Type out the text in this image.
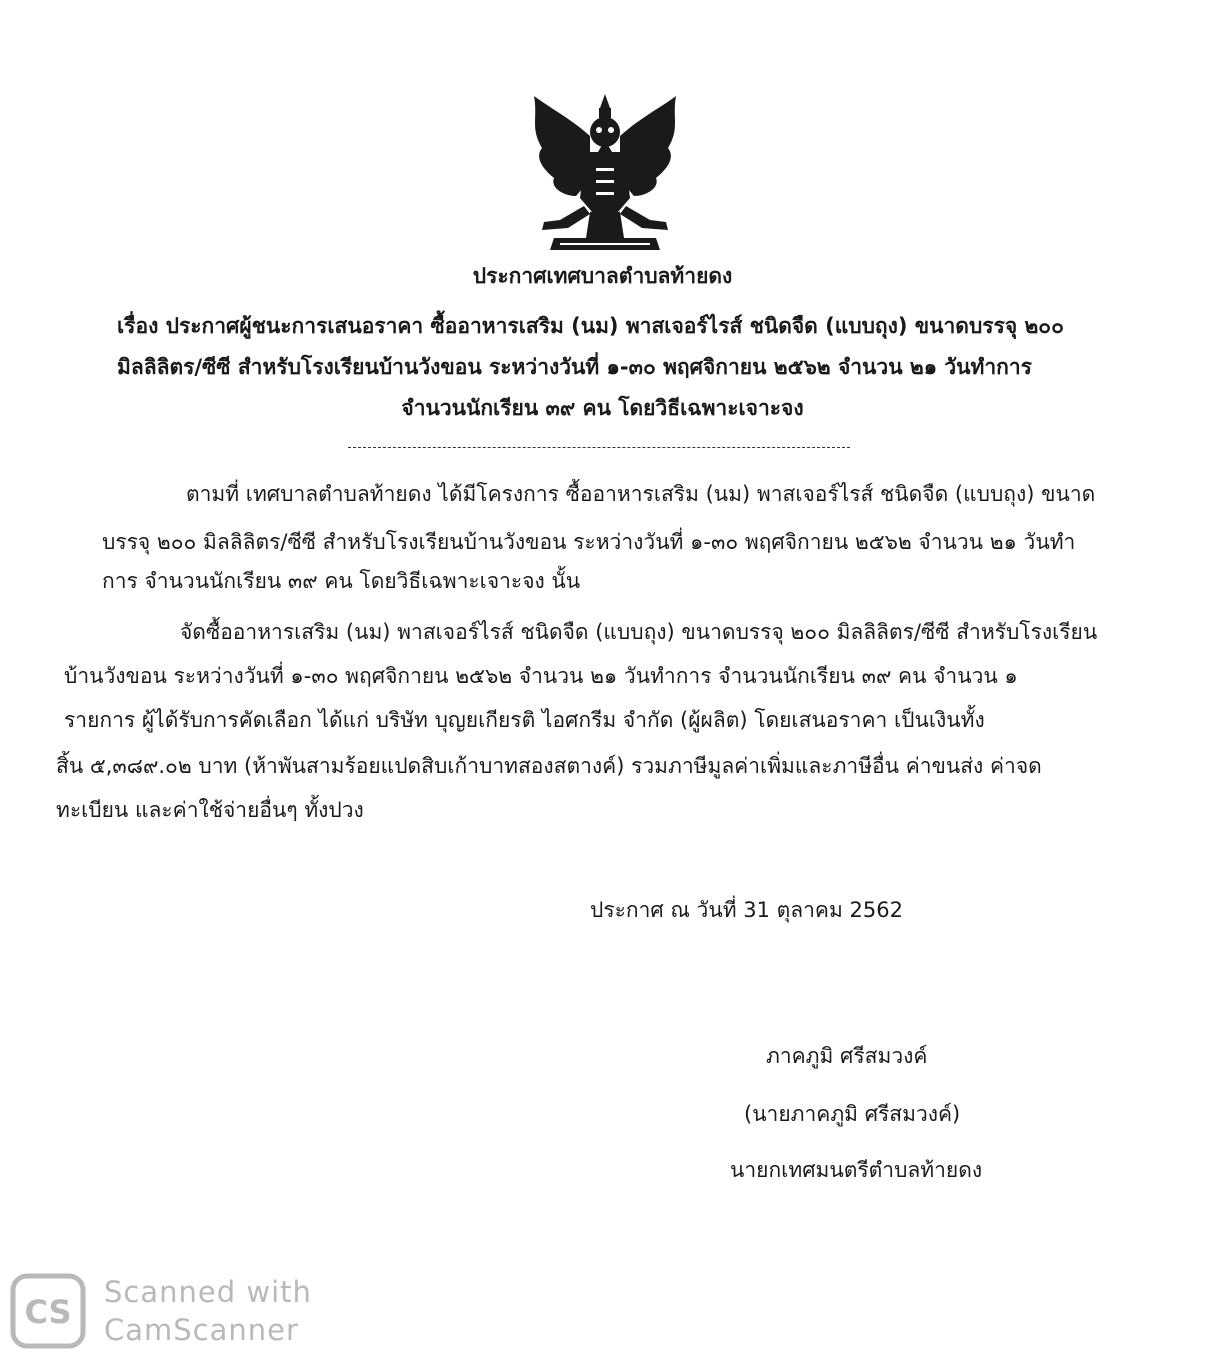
ประกาศเทศบาลตำบลท้ายดง
เรื่อง ประกาศผู้ชนะการเสนอราคา ซื้ออาหารเสริม (นม) พาสเจอร์ไรส์ ชนิดจืด (แบบถุง) ขนาดบรรจุ ๒๐๐
มิลลิลิตร/ซีซี สำหรับโรงเรียนบ้านวังขอน ระหว่างวันที่ ๑-๓๐ พฤศจิกายน ๒๕๖๒ จำนวน ๒๑ วันทำการ
จำนวนนักเรียน ๓๙ คน โดยวิธีเฉพาะเจาะจง
ตามที่ เทศบาลตำบลท้ายดง ได้มีโครงการ ซื้ออาหารเสริม (นม) พาสเจอร์ไรส์ ชนิดจืด (แบบถุง) ขนาด
บรรจุ ๒๐๐ มิลลิลิตร/ซีซี สำหรับโรงเรียนบ้านวังขอน ระหว่างวันที่ ๑-๓๐ พฤศจิกายน ๒๕๖๒ จำนวน ๒๑ วันทำ
การ จำนวนนักเรียน ๓๙ คน โดยวิธีเฉพาะเจาะจง นั้น
จัดซื้ออาหารเสริม (นม) พาสเจอร์ไรส์ ชนิดจืด (แบบถุง) ขนาดบรรจุ ๒๐๐ มิลลิลิตร/ซีซี สำหรับโรงเรียน
บ้านวังขอน ระหว่างวันที่ ๑-๓๐ พฤศจิกายน ๒๕๖๒ จำนวน ๒๑ วันทำการ จำนวนนักเรียน ๓๙ คน จำนวน ๑
รายการ ผู้ได้รับการคัดเลือก ได้แก่ บริษัท บุญยเกียรติ ไอศกรีม จำกัด (ผู้ผลิต) โดยเสนอราคา เป็นเงินทั้ง
สิ้น ๕,๓๘๙.๐๒ บาท (ห้าพันสามร้อยแปดสิบเก้าบาทสองสตางค์) รวมภาษีมูลค่าเพิ่มและภาษีอื่น ค่าขนส่ง ค่าจด
ทะเบียน และค่าใช้จ่ายอื่นๆ ทั้งปวง
ประกาศ ณ วันที่ 31 ตุลาคม 2562
ภาคภูมิ ศรีสมวงค์
(นายภาคภูมิ ศรีสมวงค์)
นายกเทศมนตรีตำบลท้ายดง
CS
Scanned with
CamScanner
